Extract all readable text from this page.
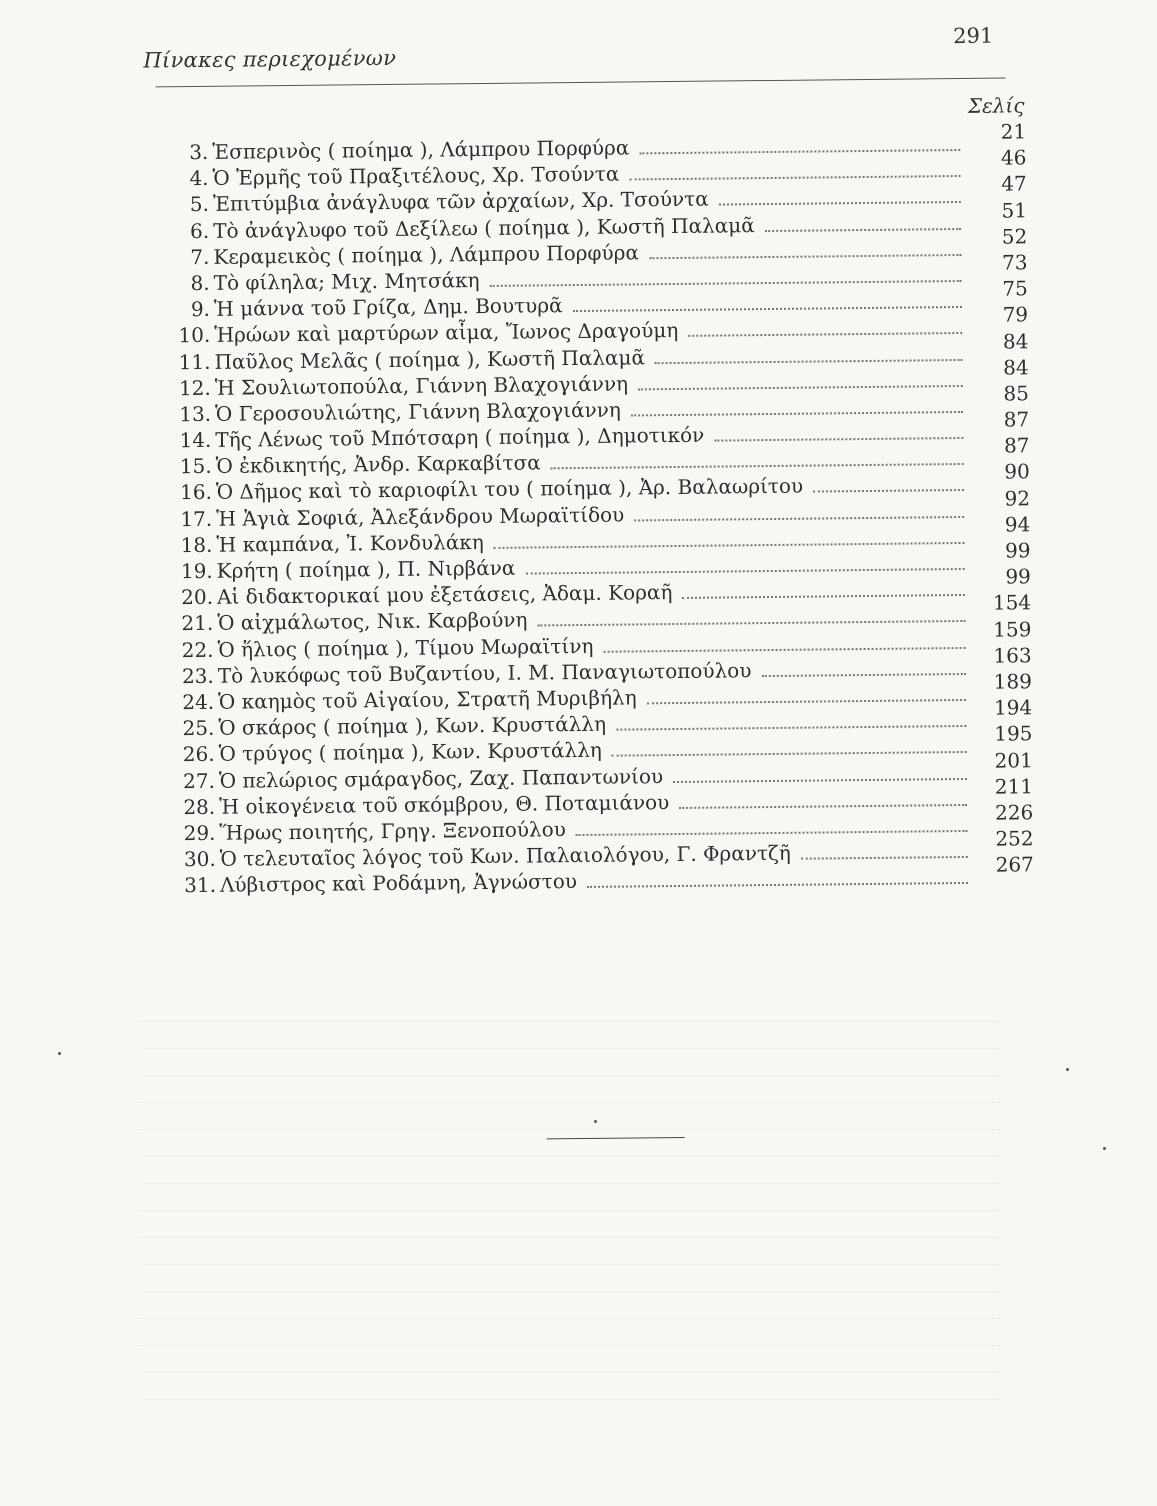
Πίνακες περιεχομένων
291
Σελίς
3. Ἑσπερινὸς ( ποίημα ), Λάμπρου Πορφύρα
21
4. Ὁ Ἑρμῆς τοῦ Πραξιτέλους, Χρ. Τσούντα
46
5. Ἐπιτύμβια ἀνάγλυφα τῶν ἀρχαίων, Χρ. Τσούντα
47
6. Τὸ ἀνάγλυφο τοῦ Δεξίλεω ( ποίημα ), Κωστῆ Παλαμᾶ
51
7. Κεραμεικὸς ( ποίημα ), Λάμπρου Πορφύρα
52
8. Τὸ φίληλα; Μιχ. Μητσάκη
73
9. Ἡ μάννα τοῦ Γρίζα, Δημ. Βουτυρᾶ
75
10. Ἡρώων καὶ μαρτύρων αἷμα, Ἴωνος Δραγούμη
79
11. Παῦλος Μελᾶς ( ποίημα ), Κωστῆ Παλαμᾶ
84
12. Ἡ Σουλιωτοπούλα, Γιάννη Βλαχογιάννη
84
13. Ὁ Γεροσουλιώτης, Γιάννη Βλαχογιάννη
85
14. Τῆς Λένως τοῦ Μπότσαρη ( ποίημα ), Δημοτικόν
87
15. Ὁ ἐκδικητής, Ἀνδρ. Καρκαβίτσα
87
16. Ὁ Δῆμος καὶ τὸ καριοφίλι του ( ποίημα ), Ἀρ. Βαλαωρίτου
90
17. Ἡ Ἁγιὰ Σοφιά, Ἀλεξάνδρου Μωραϊτίδου
92
18. Ἡ καμπάνα, Ἰ. Κονδυλάκη
94
19. Κρήτη ( ποίημα ), Π. Νιρβάνα
99
20. Αἱ διδακτορικαί μου ἐξετάσεις, Ἀδαμ. Κοραῆ
99
21. Ὁ αἰχμάλωτος, Νικ. Καρβούνη
154
22. Ὁ ἥλιος ( ποίημα ), Τίμου Μωραϊτίνη
159
23. Τὸ λυκόφως τοῦ Βυζαντίου, Ι. Μ. Παναγιωτοπούλου
163
24. Ὁ καημὸς τοῦ Αἰγαίου, Στρατῆ Μυριβήλη
189
25. Ὁ σκάρος ( ποίημα ), Κων. Κρυστάλλη
194
26. Ὁ τρύγος ( ποίημα ), Κων. Κρυστάλλη
195
27. Ὁ πελώριος σμάραγδος, Ζαχ. Παπαντωνίου
201
28. Ἡ οἰκογένεια τοῦ σκόμβρου, Θ. Ποταμιάνου
211
29. Ἥρως ποιητής, Γρηγ. Ξενοπούλου
226
30. Ὁ τελευταῖος λόγος τοῦ Κων. Παλαιολόγου, Γ. Φραντζῆ
252
31. Λύβιστρος καὶ Ροδάμνη, Ἀγνώστου
267
